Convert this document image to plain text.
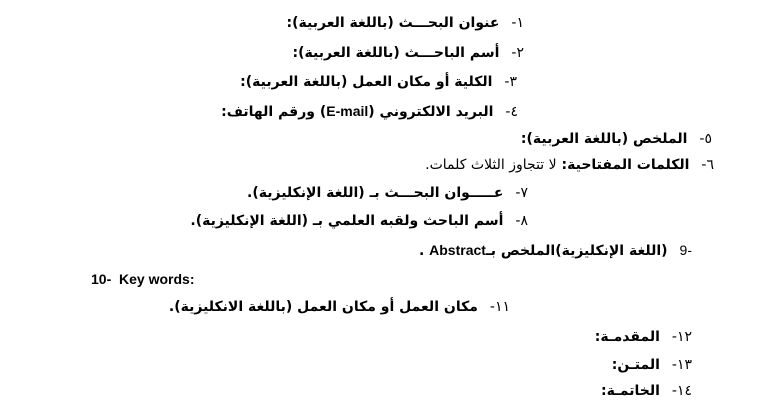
١-عنوان البحـــث (باللغة العربية):
٢-أسم الباحـــث (باللغة العربية):
٣-الكلية أو مكان العمل (باللغة العربية):
٤-البريد الالكتروني (E-mail) ورقم الهاتف:
٥-الملخص (باللغة العربية):
٦-الكلمات المفتاحية: لا تتجاوز الثلاث كلمات.
٧-عـــــوان البحـــث بـ (اللغة الإنكليزية).
٨-أسم الباحث ولقبه العلمي بـ (اللغة الإنكليزية).
9-(اللغة الإنكليزية)الملخص بـAbstract .
10- Key words:
١١-مكان العمل أو مكان العمل (باللغة الانكليزية).
١٢-المقدمـة:
١٣-المتـن:
١٤-الخاتمـة:
